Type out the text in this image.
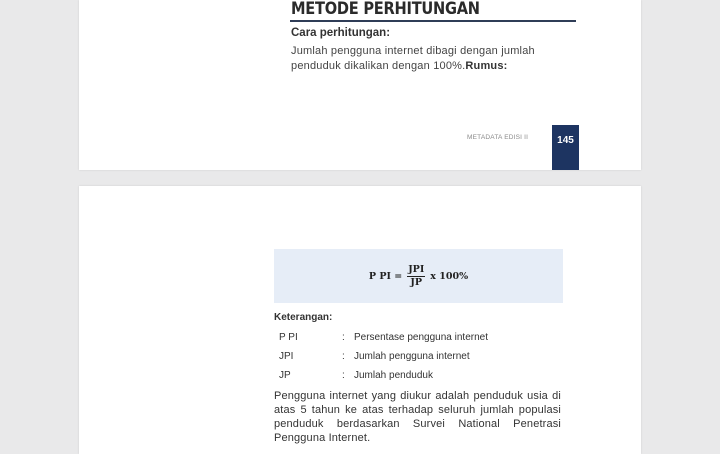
METODE PERHITUNGAN
Cara perhitungan:
Jumlah pengguna internet dibagi dengan jumlah penduduk dikalikan dengan 100%.Rumus:
METADATA EDISI II	145
P PI = $\frac{\text{JPI}}{JP}$ x 100%
Keterangan:
P PI	: Persentase pengguna internet
JPI	: Jumlah pengguna internet
JP	: Jumlah penduduk
Pengguna internet yang diukur adalah penduduk usia di atas 5 tahun ke atas terhadap seluruh jumlah populasi penduduk berdasarkan Survei National Penetrasi Pengguna Internet.
